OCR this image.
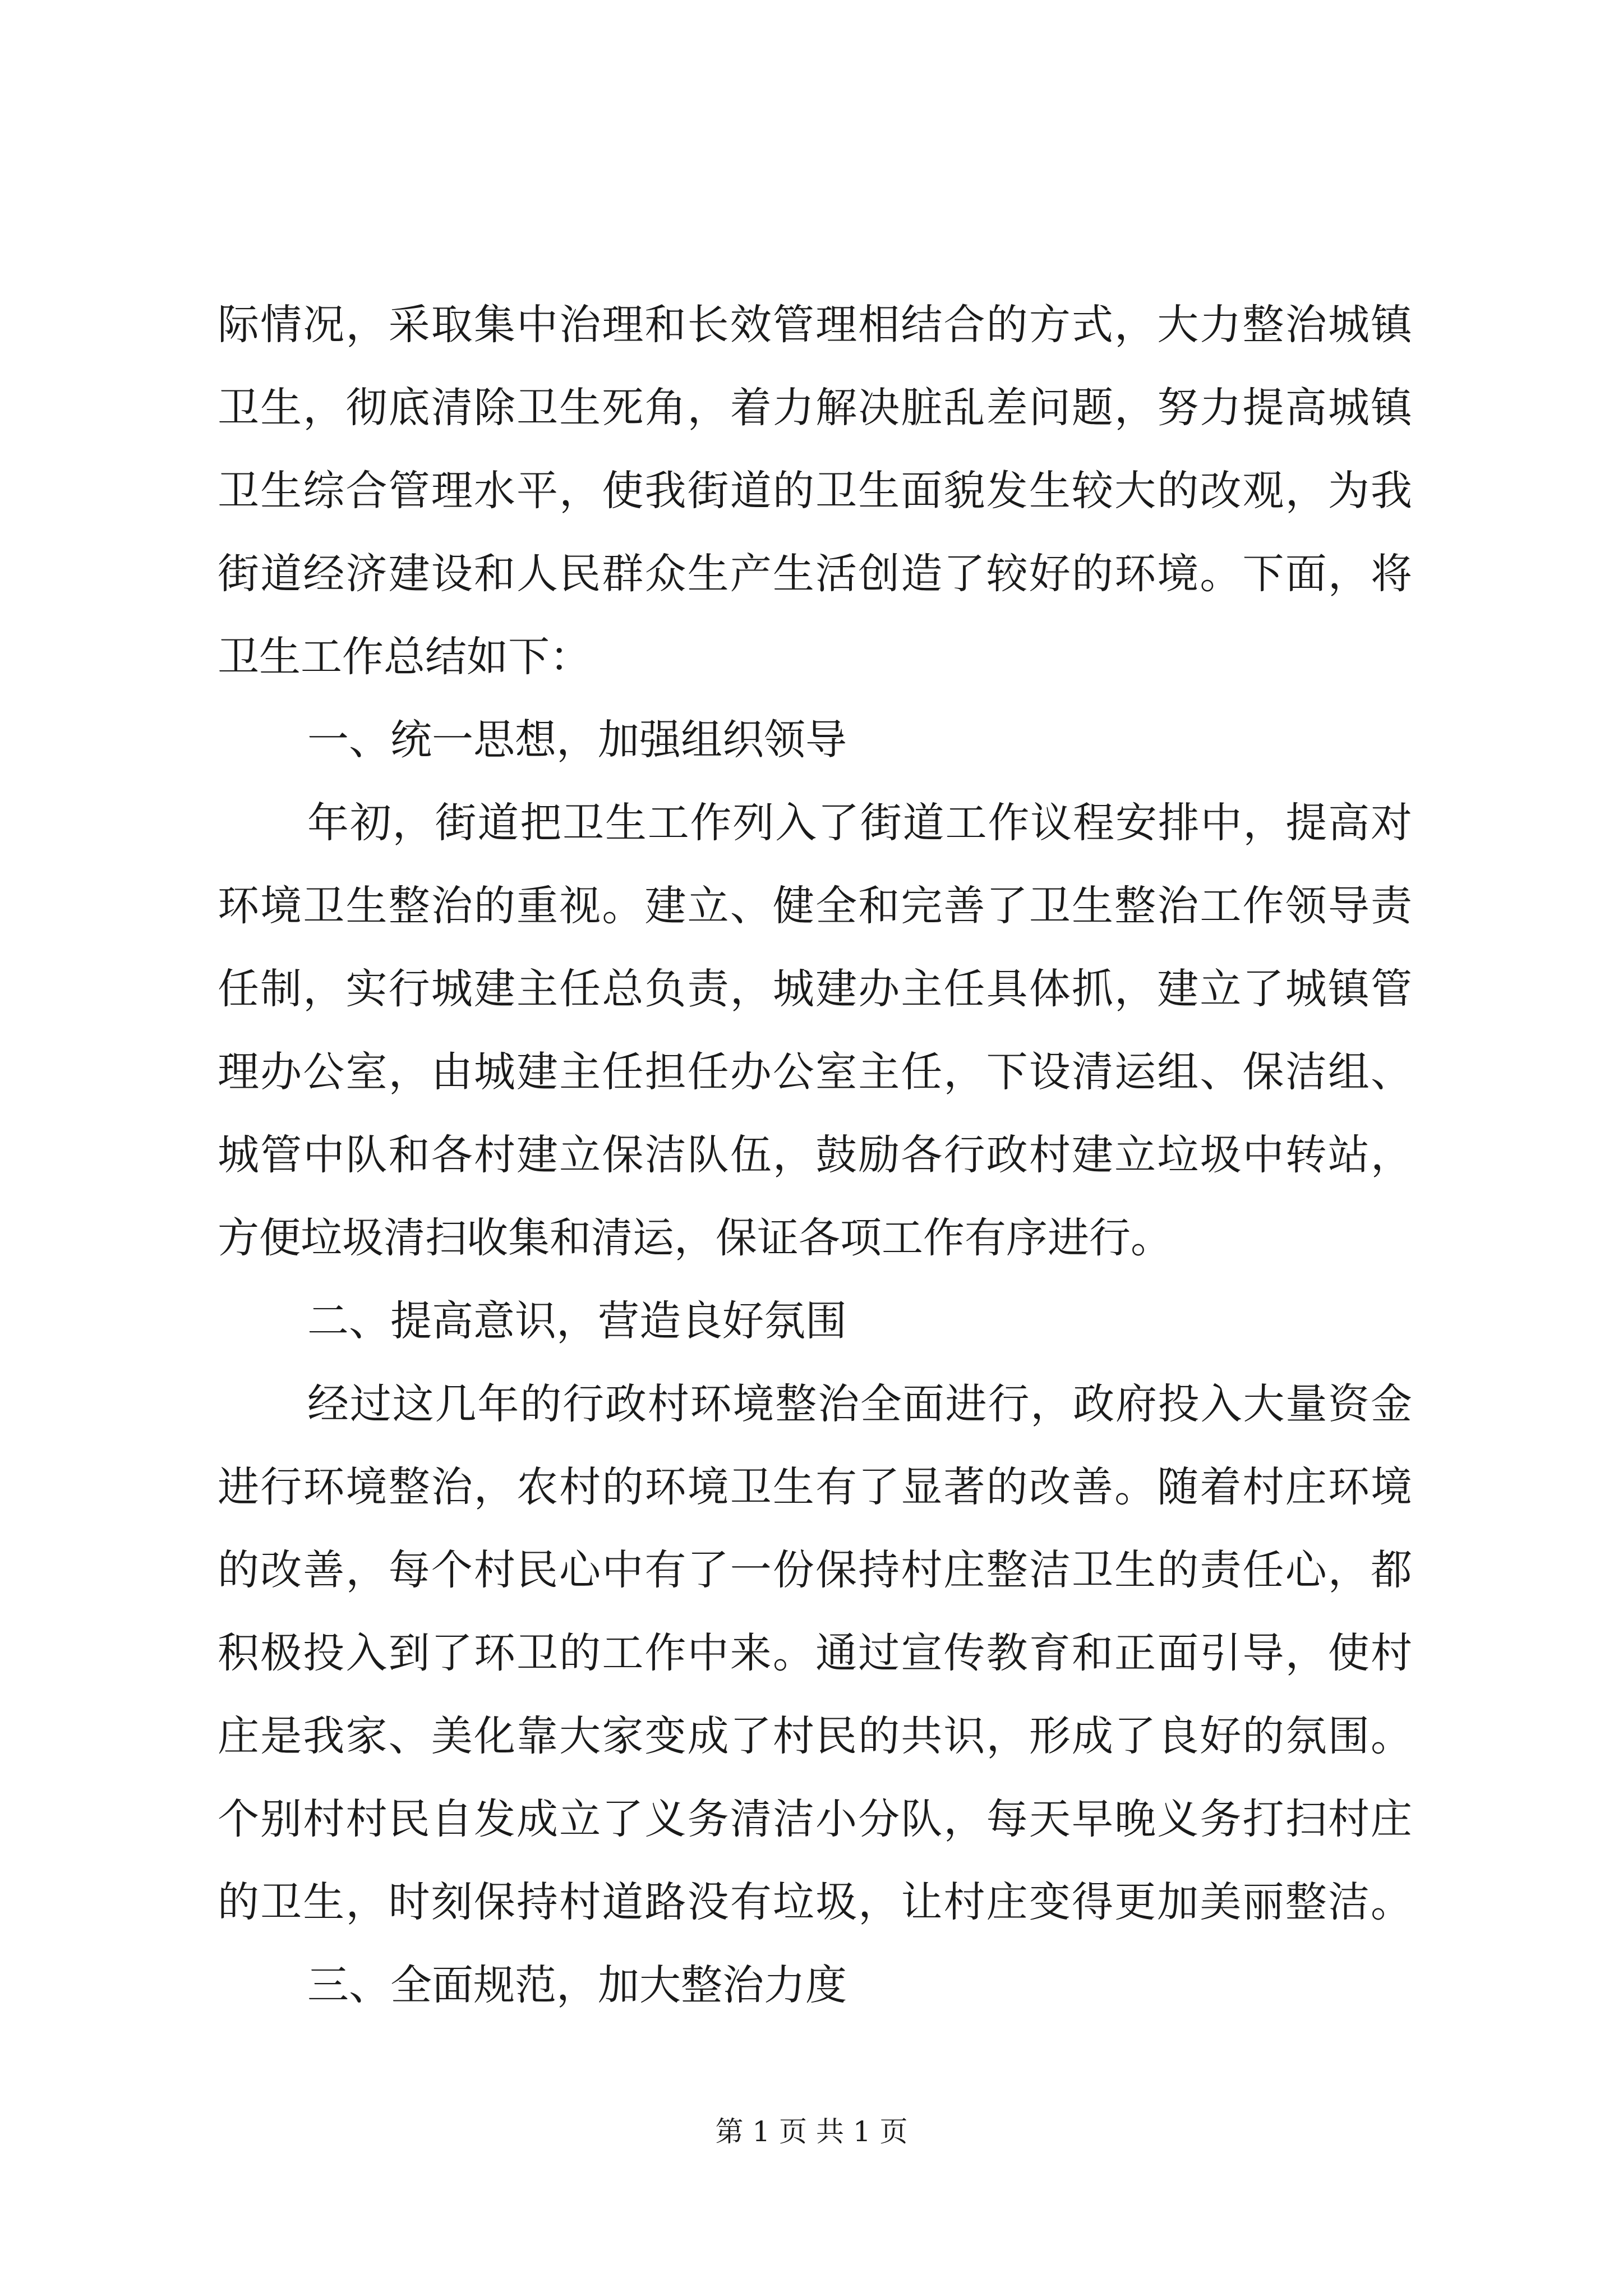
际情况，采取集中治理和长效管理相结合的方式，大力整治城镇
卫生，彻底清除卫生死角，着力解决脏乱差问题，努力提高城镇
卫生综合管理水平，使我街道的卫生面貌发生较大的改观，为我
街道经济建设和人民群众生产生活创造了较好的环境。下面，将
卫生工作总结如下：
一、统一思想，加强组织领导
年初，街道把卫生工作列入了街道工作议程安排中，提高对
环境卫生整治的重视。建立、健全和完善了卫生整治工作领导责
任制，实行城建主任总负责，城建办主任具体抓，建立了城镇管
理办公室，由城建主任担任办公室主任，下设清运组、保洁组、
城管中队和各村建立保洁队伍，鼓励各行政村建立垃圾中转站，
方便垃圾清扫收集和清运，保证各项工作有序进行。
二、提高意识，营造良好氛围
经过这几年的行政村环境整治全面进行，政府投入大量资金
进行环境整治，农村的环境卫生有了显著的改善。随着村庄环境
的改善，每个村民心中有了一份保持村庄整洁卫生的责任心，都
积极投入到了环卫的工作中来。通过宣传教育和正面引导，使村
庄是我家、美化靠大家变成了村民的共识，形成了良好的氛围。
个别村村民自发成立了义务清洁小分队，每天早晚义务打扫村庄
的卫生，时刻保持村道路没有垃圾，让村庄变得更加美丽整洁。
三、全面规范，加大整治力度
第 1 页 共 1 页
